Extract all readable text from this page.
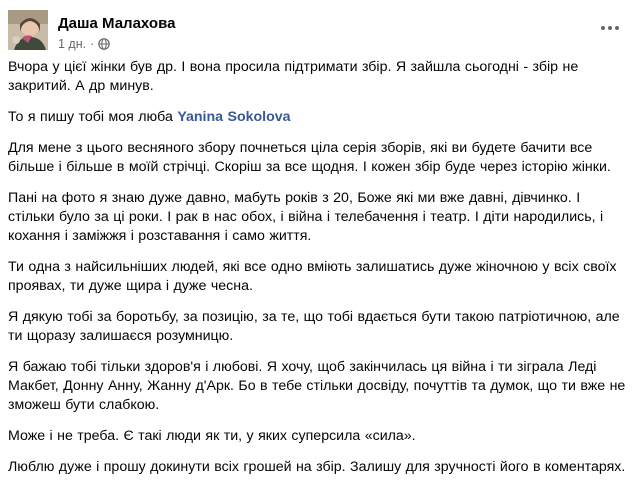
Даша Малахова
1 дн. ·

Вчора у цієї жінки був др. І вона просила підтримати збір. Я зайшла сьогодні - збір не закритий. А др минув.

То я пишу тобі моя люба Yanina Sokolova

Для мене з цього весняного збору почнеться ціла серія зборів, які ви будете бачити все більше і більше в моїй стрічці. Скоріш за все щодня. І кожен збір буде через історію жінки.

Пані на фото я знаю дуже давно, мабуть років з 20, Боже які ми вже давні, дівчинко. І стільки було за ці роки. І рак в нас обох, і війна і телебачення і театр. І діти народились, і кохання і заміжжя і розставання і само життя.

Ти одна з найсильніших людей, які все одно вміють залишатись дуже жіночною у всіх своїх проявах, ти дуже щира і дуже чесна.

Я дякую тобі за боротьбу, за позицію, за те, що тобі вдається бути такою патріотичною, але ти щоразу залишаєся розумницю.

Я бажаю тобі тільки здоров'я і любові. Я хочу, щоб закінчилась ця війна і ти зіграла Леді Макбет, Донну Анну, Жанну д'Арк. Бо в тебе стільки досвіду, почуттів та думок, що ти вже не зможеш бути слабкою.

Може і не треба. Є такі люди як ти, у яких суперсила «сила».

Люблю дуже і прошу докинути всіх грошей на збір. Залишу для зручності його в коментарях.
